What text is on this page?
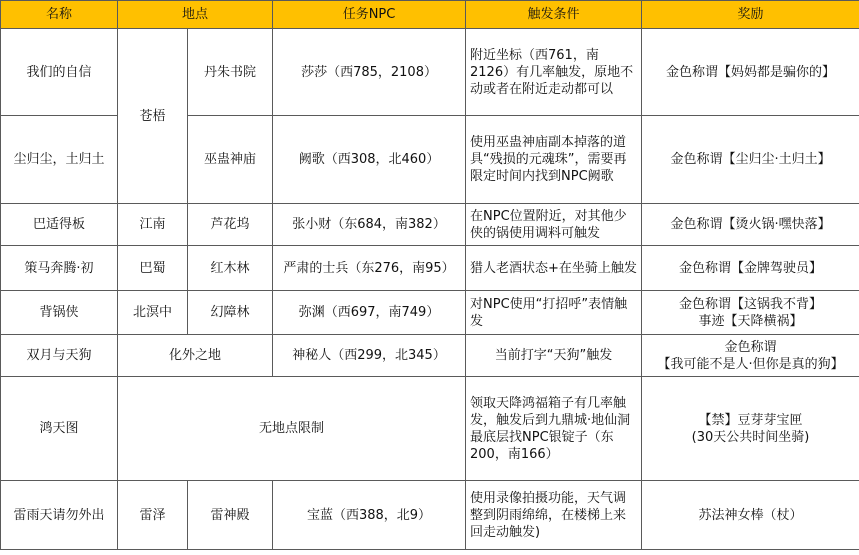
名称	地点		任务NPC	触发条件	奖励
我们的自信	苍梧	丹朱书院	莎莎（西785，2108）	附近坐标（西761，南2126）有几率触发，原地不动或者在附近走动都可以	金色称谓【妈妈都是骗你的】
尘归尘，土归土		巫蛊神庙	阙歌（西308，北460）	使用巫蛊神庙副本掉落的道具“残损的元魂珠”，需要再限定时间内找到NPC阙歌	金色称谓【尘归尘·土归土】
巴适得板	江南	芦花坞	张小财（东684，南382）	在NPC位置附近，对其他少侠的锅使用调料可触发	金色称谓【烫火锅·嘿快落】
策马奔腾·初	巴蜀	红木林	严肃的士兵（东276，南95）	猎人老酒状态+在坐骑上触发	金色称谓【金牌驾驶员】
背锅侠	北溟中	幻障林	弥渊（西697，南749）	对NPC使用“打招呼”表情触发	金色称谓【这锅我不背】
事迹【天降横祸】

双月与天狗	化外之地		神秘人（西299，北345）	当前打字“天狗”触发	金色称谓
【我可能不是人·但你是真的狗】

鸿天图	无地点限制			领取天降鸿福箱子有几率触发，触发后到九鼎城·地仙洞最底层找NPC银锭子（东200，南166）	【禁】豆芽芽宝匣
(30天公共时间坐骑)

雷雨天请勿外出	雷泽	雷神殿	宝蓝（西388，北9）	使用录像拍摄功能，天气调整到阴雨绵绵，在楼梯上来回走动触发)	苏法神女棒（杖）
